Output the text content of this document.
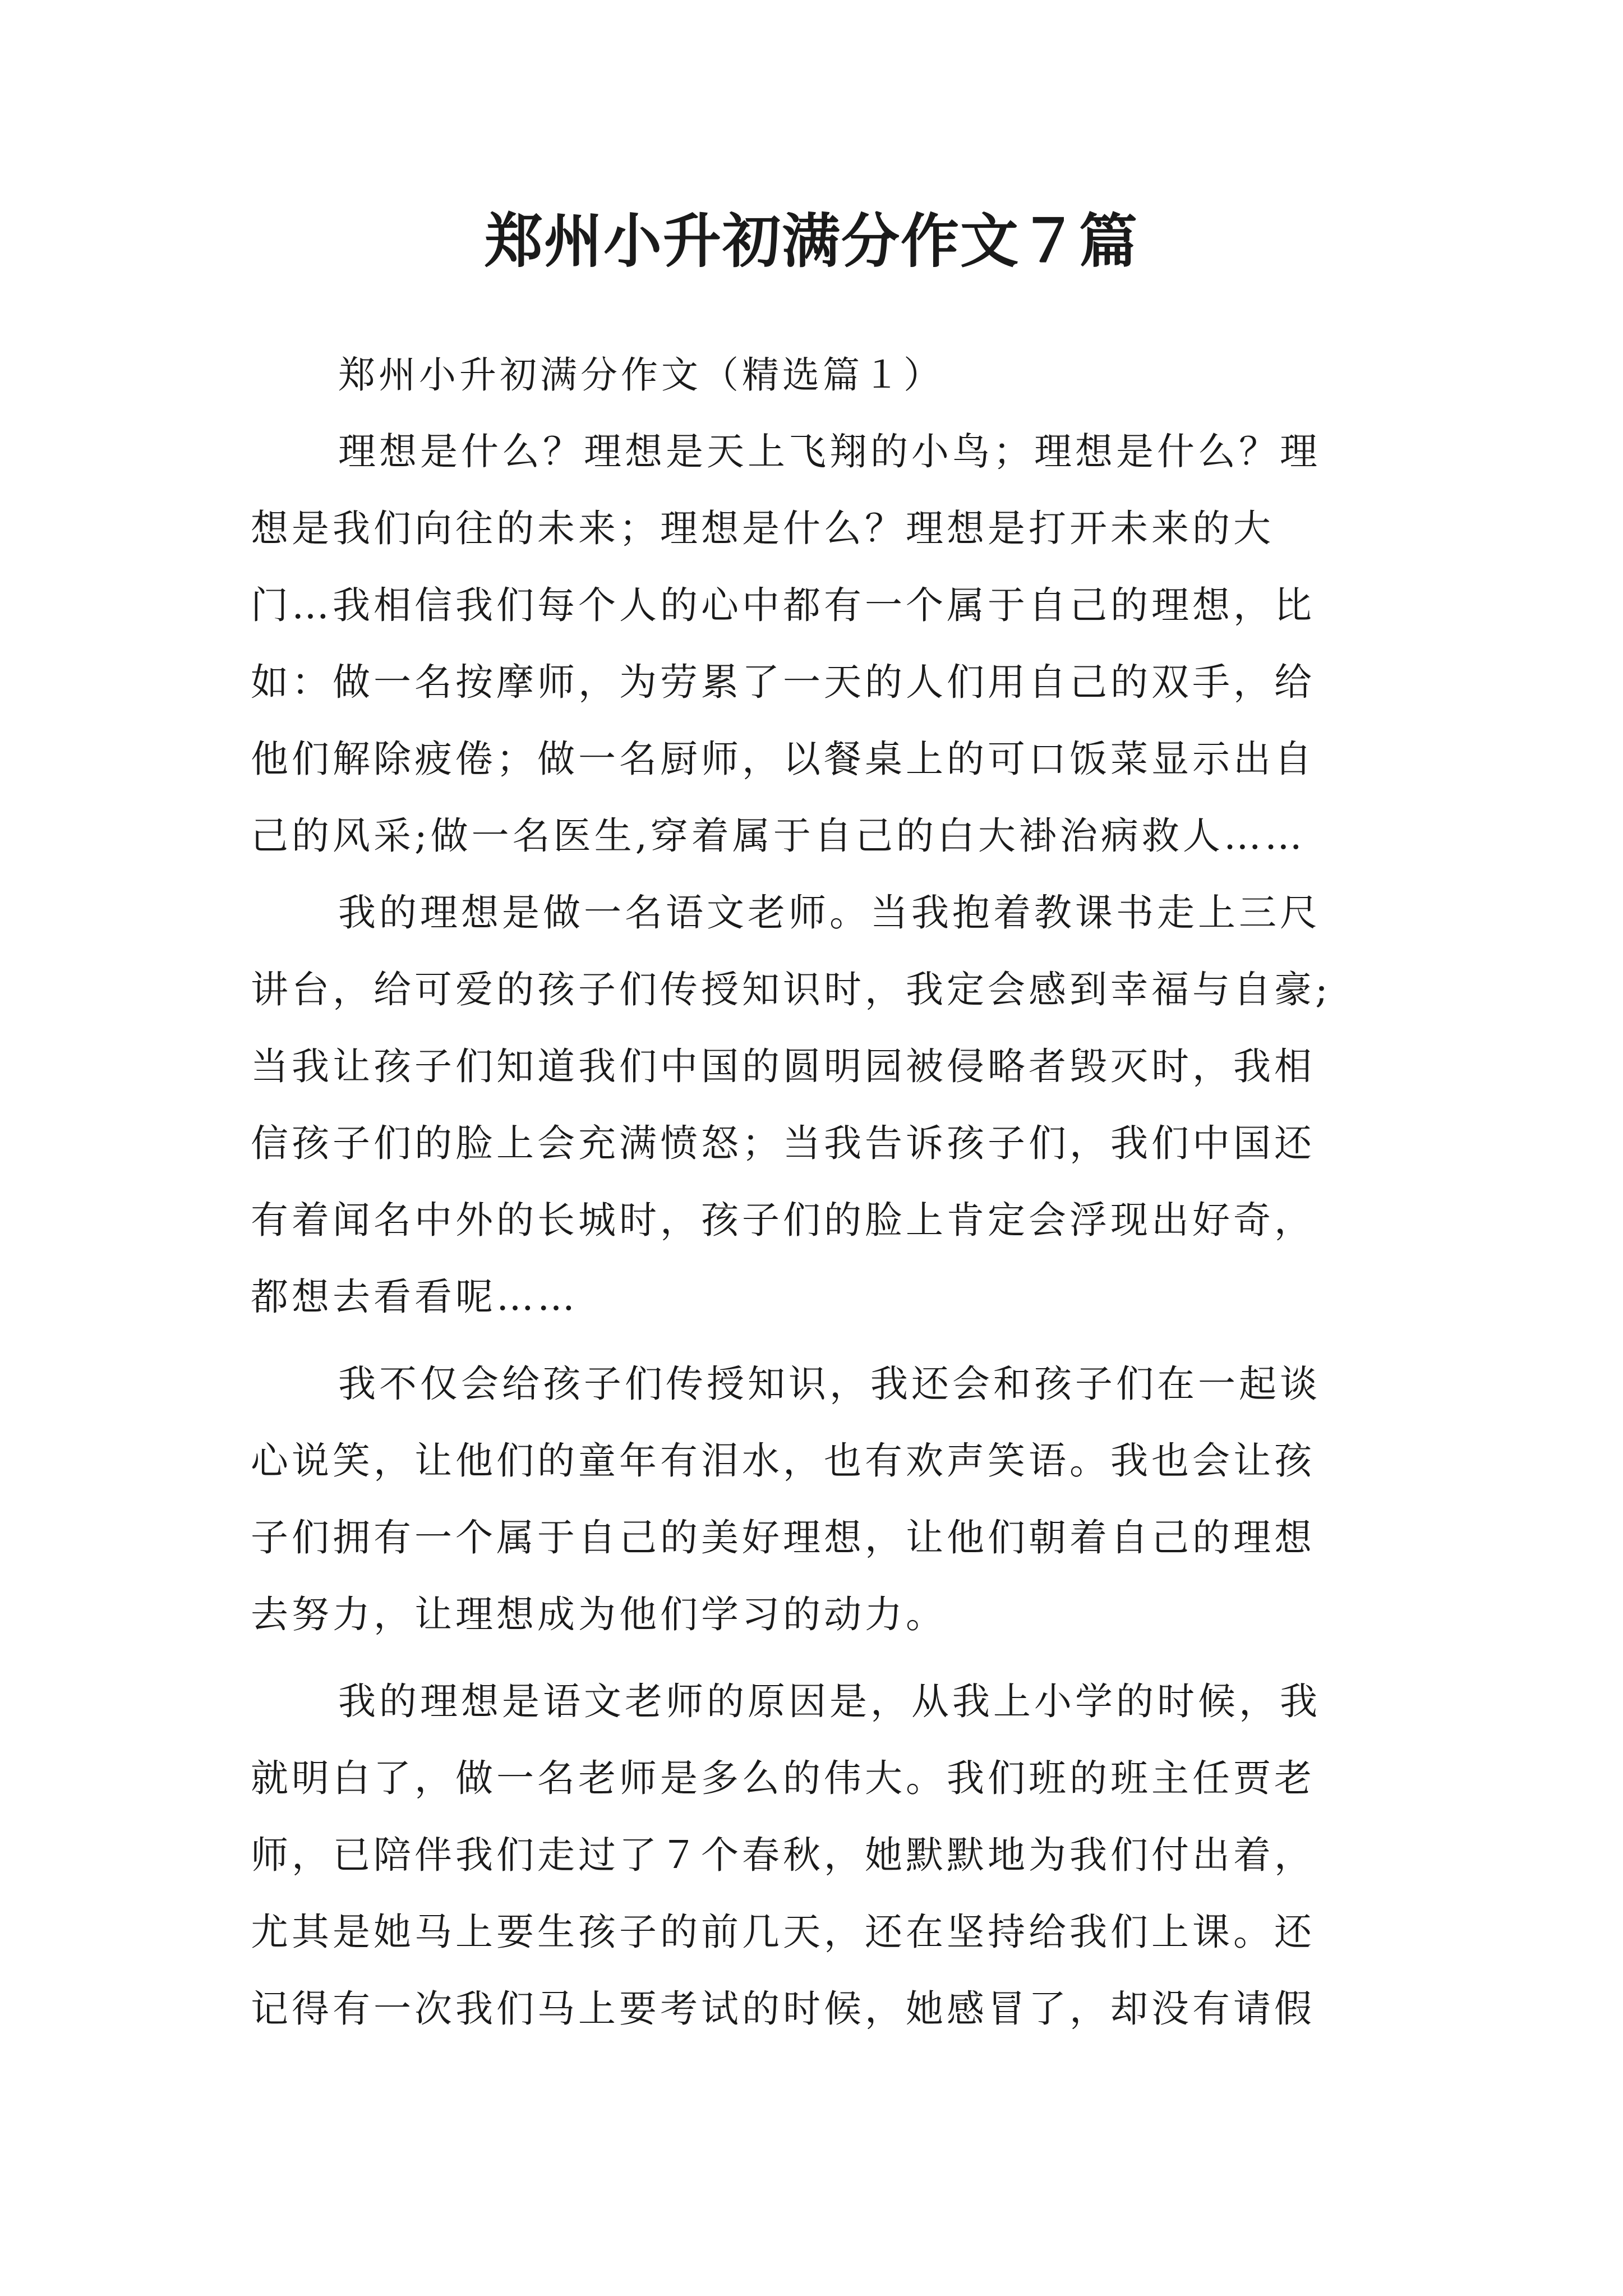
郑州小升初满分作文７篇

郑州小升初满分作文（精选篇１）

理想是什么？理想是天上飞翔的小鸟；理想是什么？理
想是我们向往的未来；理想是什么？理想是打开未来的大
门…我相信我们每个人的心中都有一个属于自己的理想，比
如：做一名按摩师，为劳累了一天的人们用自己的双手，给
他们解除疲倦；做一名厨师，以餐桌上的可口饭菜显示出自
己的风采;做一名医生,穿着属于自己的白大褂治病救人……

我的理想是做一名语文老师。当我抱着教课书走上三尺
讲台，给可爱的孩子们传授知识时，我定会感到幸福与自豪;
当我让孩子们知道我们中国的圆明园被侵略者毁灭时，我相
信孩子们的脸上会充满愤怒；当我告诉孩子们，我们中国还
有着闻名中外的长城时，孩子们的脸上肯定会浮现出好奇，
都想去看看呢……

我不仅会给孩子们传授知识，我还会和孩子们在一起谈
心说笑，让他们的童年有泪水，也有欢声笑语。我也会让孩
子们拥有一个属于自己的美好理想，让他们朝着自己的理想
去努力，让理想成为他们学习的动力。

我的理想是语文老师的原因是，从我上小学的时候，我
就明白了，做一名老师是多么的伟大。我们班的班主任贾老
师，已陪伴我们走过了７个春秋，她默默地为我们付出着，
尤其是她马上要生孩子的前几天，还在坚持给我们上课。还
记得有一次我们马上要考试的时候，她感冒了，却没有请假
